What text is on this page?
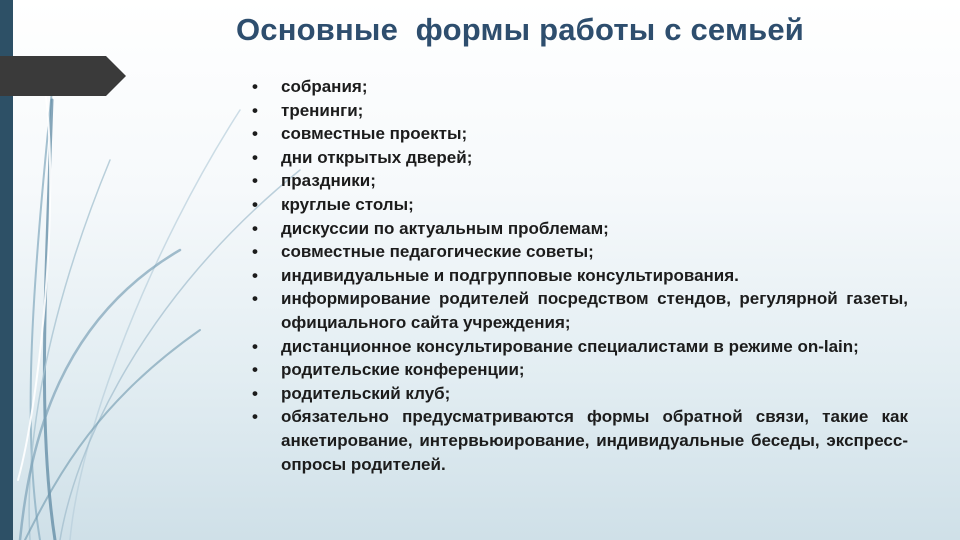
Основные  формы работы с семьей
• собрания;
• тренинги;
• совместные проекты;
• дни открытых дверей;
• праздники;
• круглые столы;
• дискуссии по актуальным проблемам;
• совместные педагогические советы;
• индивидуальные и подгрупповые консультирования.
• информирование родителей посредством стендов, регулярной газеты, официального сайта учреждения;
• дистанционное консультирование специалистами в режиме on-lain;
• родительские конференции;
• родительский клуб;
• обязательно предусматриваются формы обратной связи, такие как анкетирование, интервьюирование, индивидуальные беседы, экспресс-опросы родителей.
